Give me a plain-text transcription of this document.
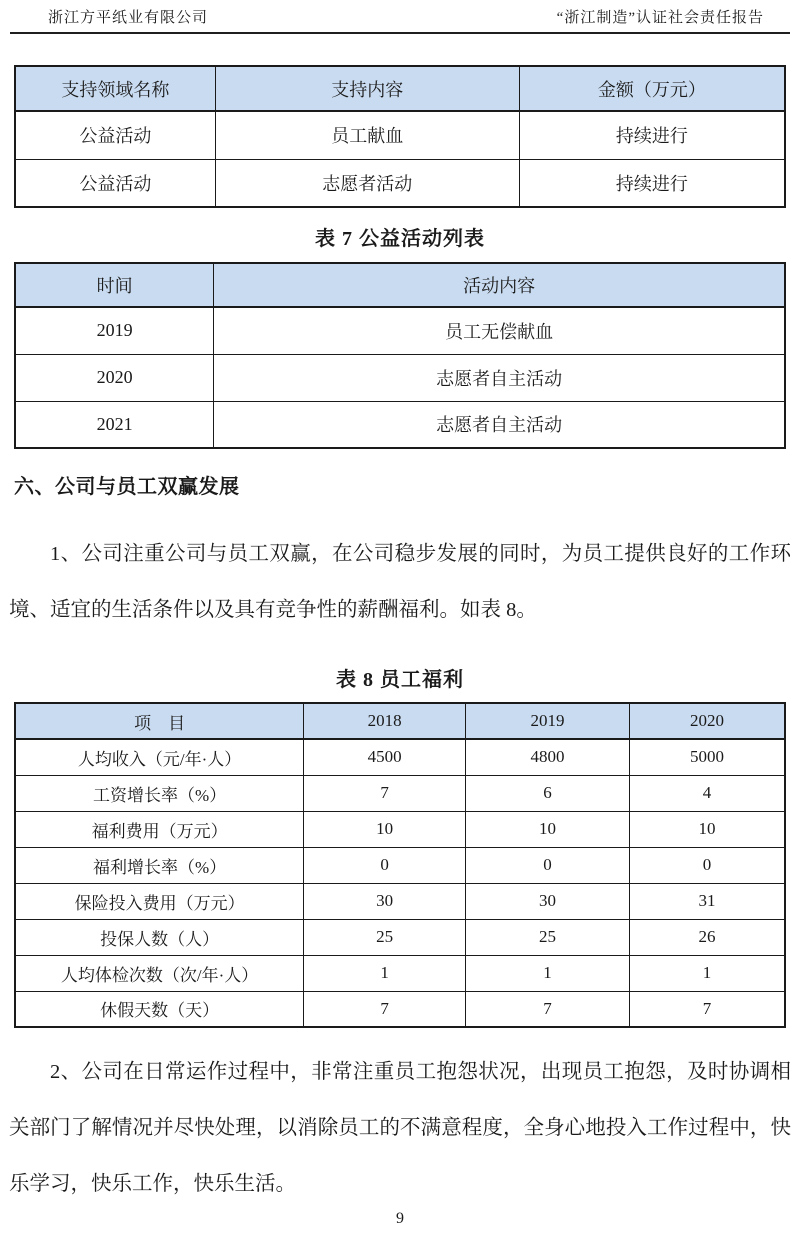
浙江方平纸业有限公司	“浙江制造”认证社会责任报告
支持领域名称	支持内容	金额（万元）
公益活动	员工献血	持续进行
公益活动	志愿者活动	持续进行
表 7 公益活动列表
时间	活动内容
2019	员工无偿献血
2020	志愿者自主活动
2021	志愿者自主活动
六、公司与员工双赢发展

1、公司注重公司与员工双赢，在公司稳步发展的同时，为员工提供良好的工作环境、适宜的生活条件以及具有竞争性的薪酬福利。如表 8。

表 8 员工福利
项　目	2018	2019	2020
人均收入（元/年·人）	4500	4800	5000
工资增长率（%）	7	6	4
福利费用（万元）	10	10	10
福利增长率（%）	0	0	0
保险投入费用（万元）	30	30	31
投保人数（人）	25	25	26
人均体检次数（次/年·人）	1	1	1
休假天数（天）	7	7	7

2、公司在日常运作过程中，非常注重员工抱怨状况，出现员工抱怨，及时协调相关部门了解情况并尽快处理，以消除员工的不满意程度，全身心地投入工作过程中，快乐学习，快乐工作，快乐生活。

9
